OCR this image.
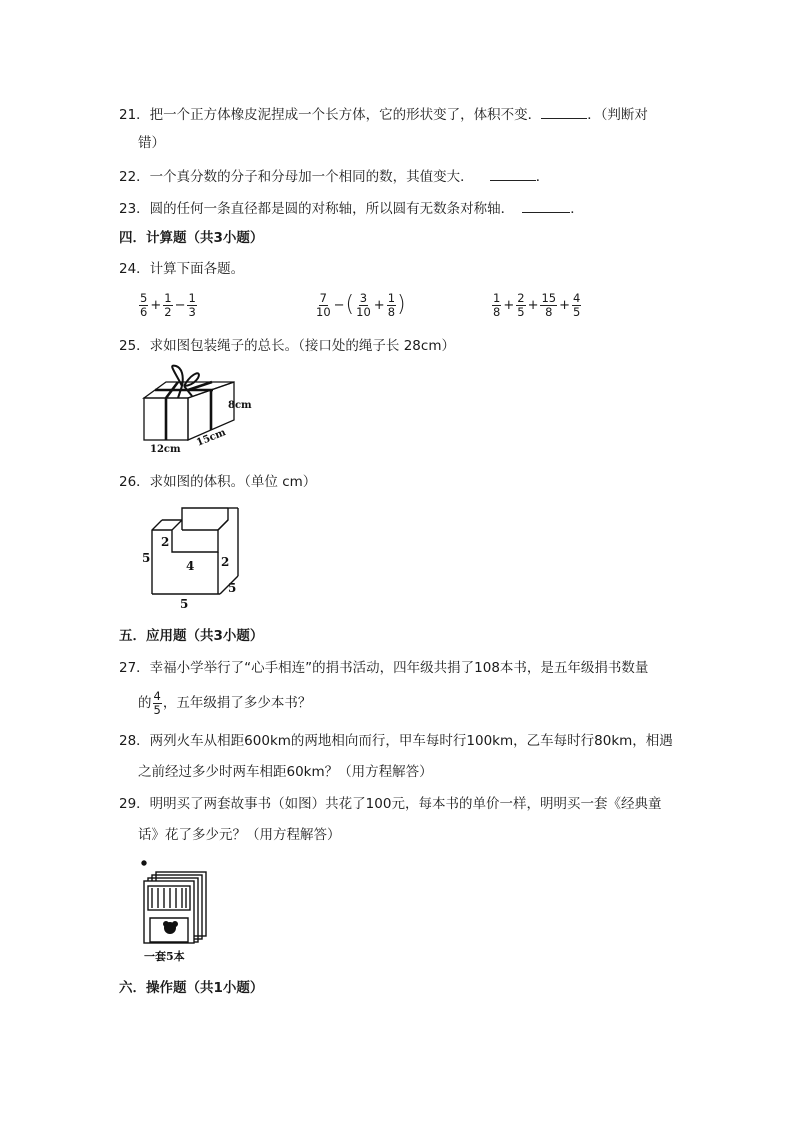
21．把一个正方体橡皮泥捏成一个长方体，它的形状变了，体积不变．	．（判断对
错）
22．一个真分数的分子和分母加一个相同的数，其值变大．	．
23．圆的任何一条直径都是圆的对称轴，所以圆有无数条对称轴．	．
四．计算题（共3小题）
24．计算下面各题。
$\frac{5}{6} + \frac{1}{2} - \frac{1}{3}$	$\frac{7}{10}$ −( $\frac{3}{10} + \frac{1}{8}$ )	$\frac{1}{8} + \frac{2}{5} + \frac{15}{8} + \frac{4}{5}$
25．求如图包装绳子的总长。（接口处的绳子长 28cm）
8cm
12cm
15cm
26．求如图的体积。（单位 cm）
5
2
4 2
5
5
五．应用题（共3小题）
27．幸福小学举行了“心手相连”的捐书活动，四年级共捐了108本书，是五年级捐书数量
的 $\frac{4}{5}$ ，五年级捐了多少本书？
28．两列火车从相距600km的两地相向而行，甲车每时行100km，乙车每时行80km，相遇
之前经过多少时两车相距60km？（用方程解答）
29．明明买了两套故事书（如图）共花了100元，每本书的单价一样，明明买一套《经典童
话》花了多少元？（用方程解答）
一套5本
六．操作题（共1小题）
